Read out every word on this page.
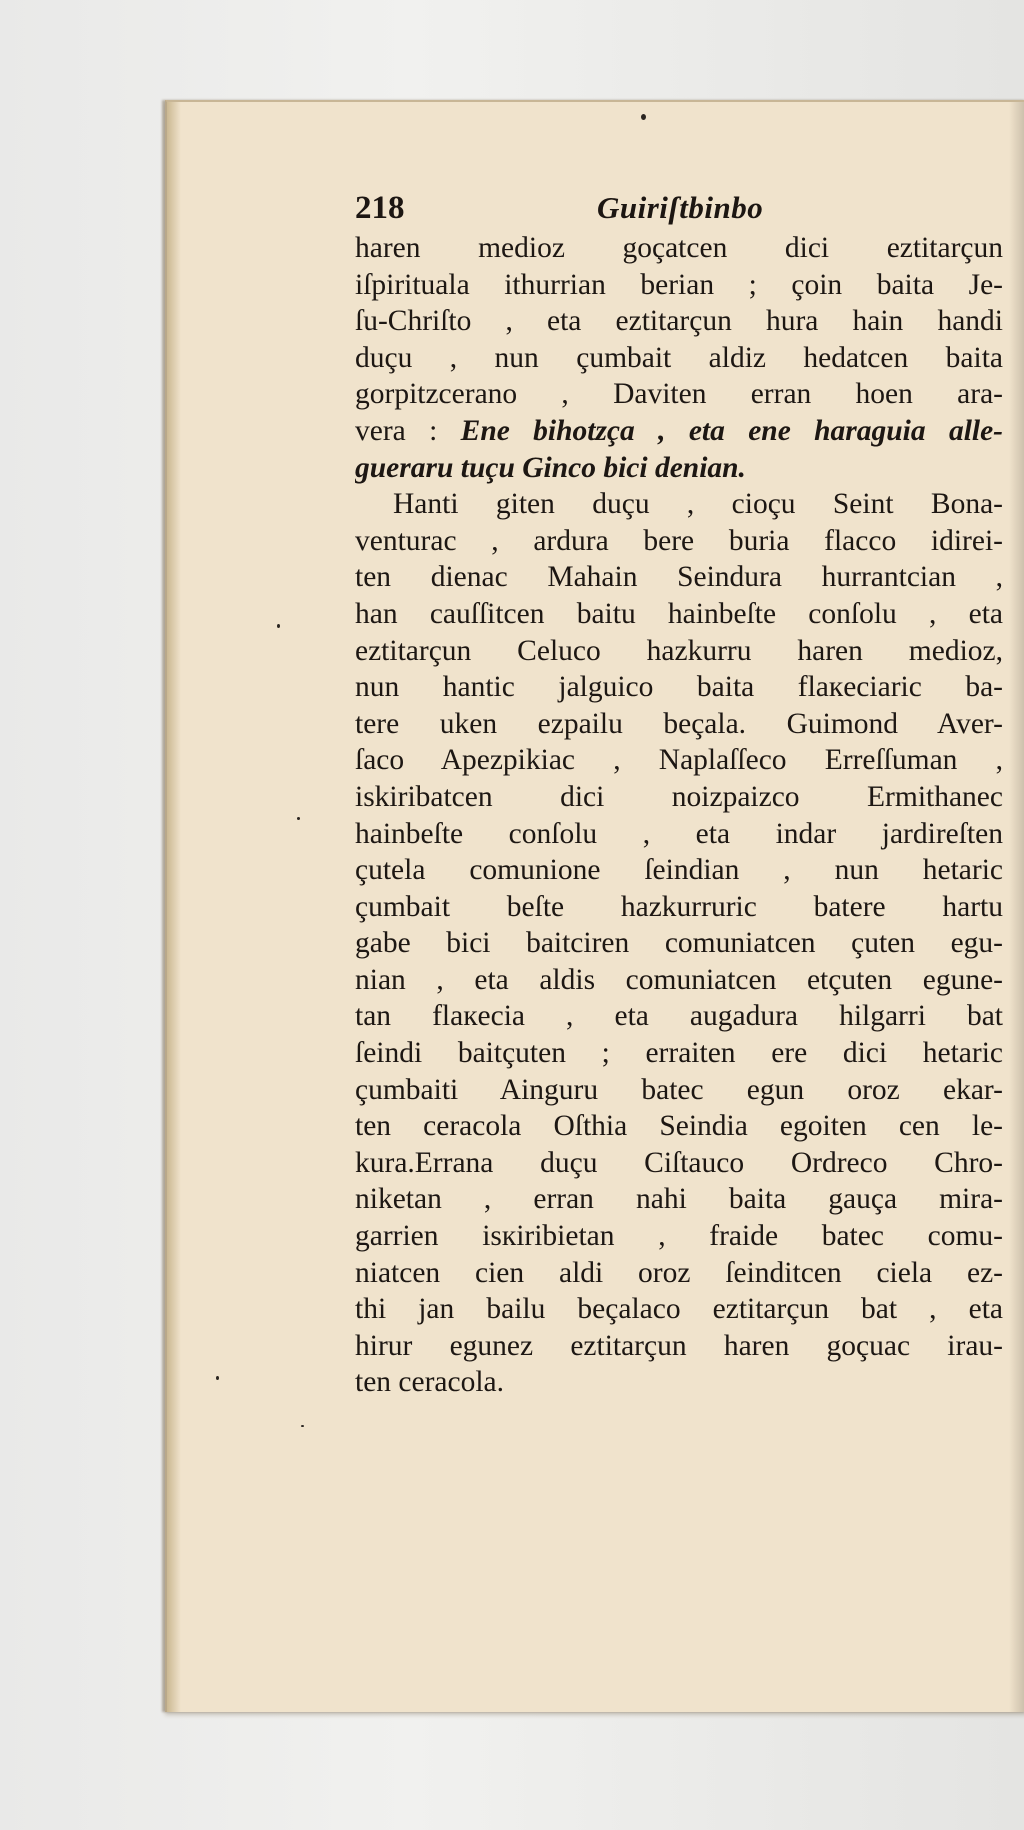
218	Guiriſtbinbo
haren medioz goçatcen dici eztitarçun
iſpirituala ithurrian berian ; çoin baita Je-
ſu-Chriſto , eta eztitarçun hura hain handi
duçu , nun çumbait aldiz hedatcen baita
gorpitzcerano , Daviten erran hoen ara-
vera : Ene bihotzça , eta ene haraguia alle-
gueraru tuçu Ginco bici denian.
Hanti giten duçu , cioçu Seint Bona-
venturac , ardura bere buria flacco idirei-
ten dienac Mahain Seindura hurrantcian ,
han cauſſitcen baitu hainbeſte conſolu , eta
eztitarçun Celuco hazkurru haren medioz,
nun hantic jalguico baita flaкeciaric ba-
tere uken ezpailu beçala. Guimond Aver-
ſaco Apezpikiac , Naplaſſeco Erreſſuman ,
iskiribatcen dici noizpaizco Ermithanec
hainbeſte conſolu , eta indar jardireſten
çutela comunione ſeindian , nun hetaric
çumbait beſte hazkurruric batere hartu
gabe bici baitciren comuniatcen çuten egu-
nian , eta aldis comuniatcen etçuten egune-
tan flaкecia , eta augadura hilgarri bat
ſeindi baitçuten ; erraiten ere dici hetaric
çumbaiti Ainguru batec egun oroz ekar-
ten ceracola Oſthia Seindia egoiten cen le-
kura.Errana duçu Ciſtauco Ordreco Chro-
niketan , erran nahi baita gauça mira-
garrien isкiribietan , fraide batec comu-
niatcen cien aldi oroz ſeinditcen ciela ez-
thi jan bailu beçalaco eztitarçun bat , eta
hirur egunez eztitarçun haren goçuac irau-
ten ceracola.
